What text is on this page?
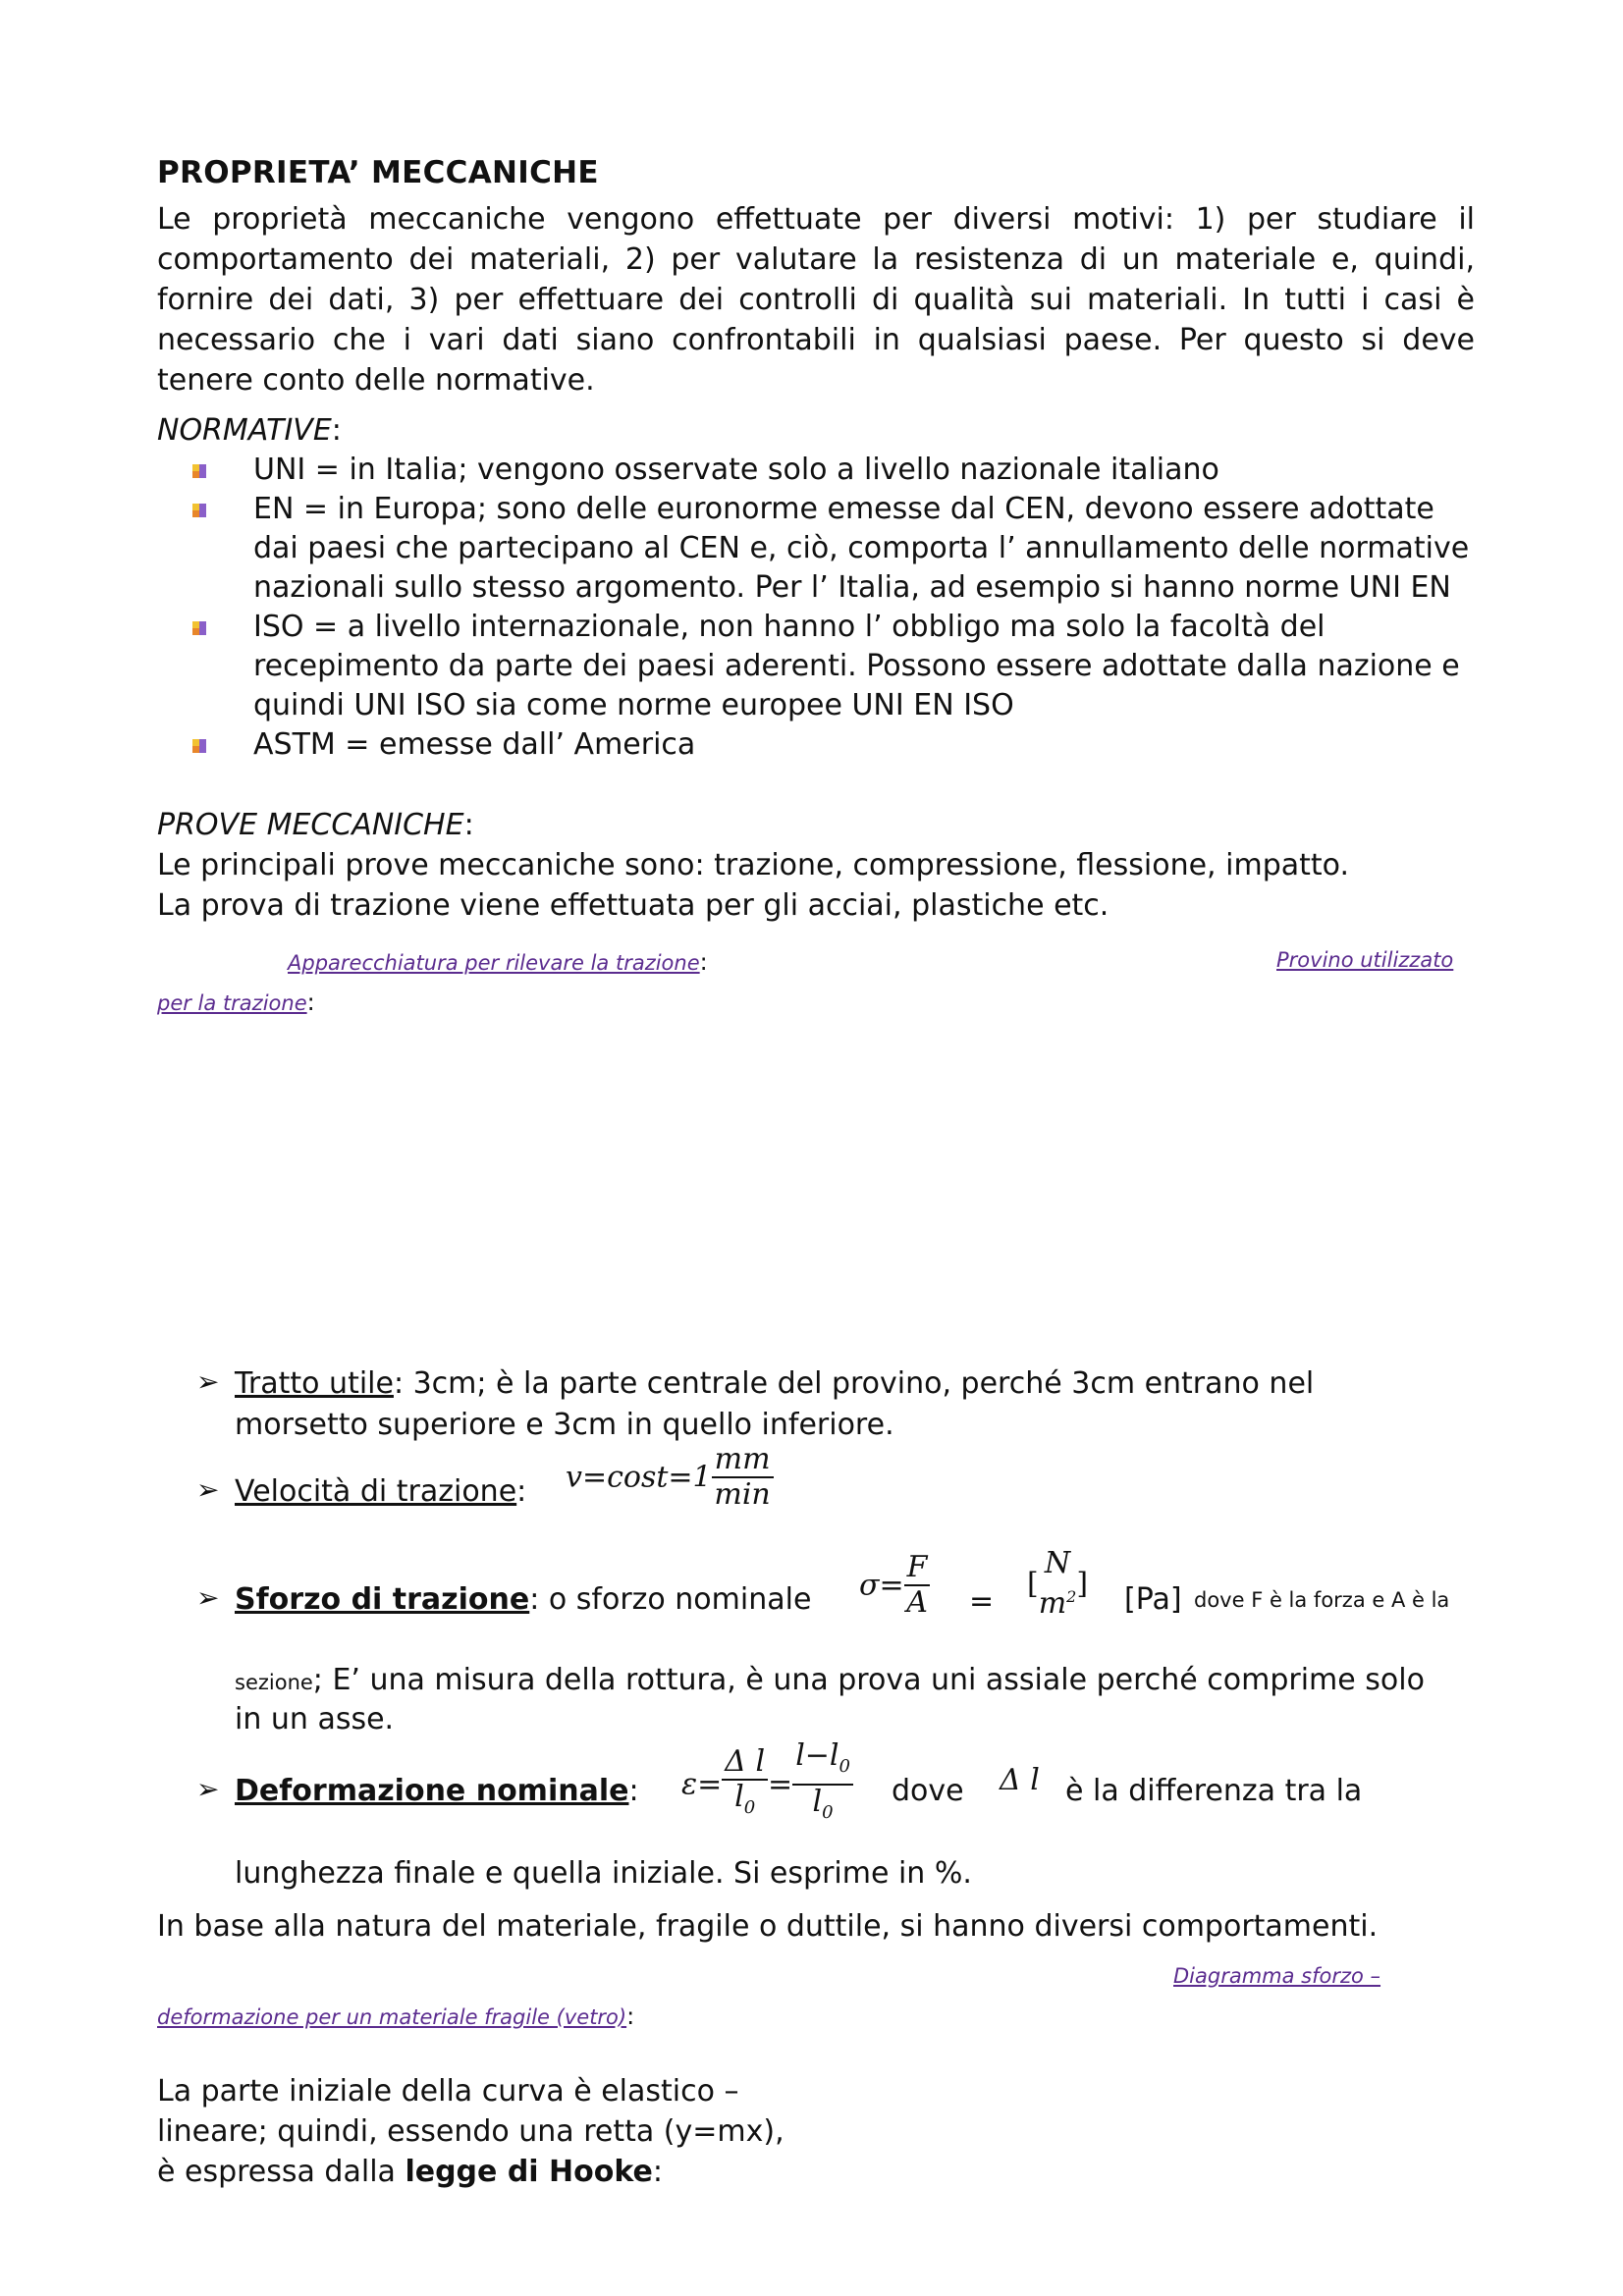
PROPRIETA’ MECCANICHE

Le proprietà meccaniche vengono effettuate per diversi motivi: 1) per studiare il comportamento dei materiali, 2) per valutare la resistenza di un materiale e, quindi, fornire dei dati, 3) per effettuare dei controlli di qualità sui materiali. In tutti i casi è necessario che i vari dati siano confrontabili in qualsiasi paese. Per questo si deve tenere conto delle normative.

NORMATIVE:
UNI = in Italia; vengono osservate solo a livello nazionale italiano
EN = in Europa; sono delle euronorme emesse dal CEN, devono essere adottate dai paesi che partecipano al CEN e, ciò, comporta l’ annullamento delle normative nazionali sullo stesso argomento. Per l’ Italia, ad esempio si hanno norme UNI EN
ISO = a livello internazionale, non hanno l’ obbligo ma solo la facoltà del recepimento da parte dei paesi aderenti. Possono essere adottate dalla nazione e quindi UNI ISO sia come norme europee UNI EN ISO
ASTM = emesse dall’ America
PROVE MECCANICHE:
Le principali prove meccaniche sono: trazione, compressione, flessione, impatto.
La prova di trazione viene effettuata per gli acciai, plastiche etc.
Apparecchiatura per rilevare la trazione:	Provino utilizzato
per la trazione:
➢ Tratto utile: 3cm; è la parte centrale del provino, perché 3cm entrano nel
morsetto superiore e 3cm in quello inferiore.
➢ Velocità di trazione: $v=\cos t=1 \frac{mm}{\min}$
➢ Sforzo di trazione: o sforzo nominale $\sigma= \frac{F}{A}$ =
[
N
$m^2$ ] [Pa] dove F è la forza e A è la
sezione; E’ una misura della rottura, è una prova uni assiale perché comprime solo
in un asse.
➢ Deformazione nominale: $\varepsilon= \frac{\text{Δ l}}{l_0} = \frac{l-l_0}{l_0}$ dove Δ l è la differenza tra la
lunghezza finale e quella iniziale. Si esprime in %.
In base alla natura del materiale, fragile o duttile, si hanno diversi comportamenti.
Diagramma sforzo –
deformazione per un materiale fragile (vetro):
La parte iniziale della curva è elastico –
lineare; quindi, essendo una retta (y=mx),
è espressa dalla legge di Hooke:
